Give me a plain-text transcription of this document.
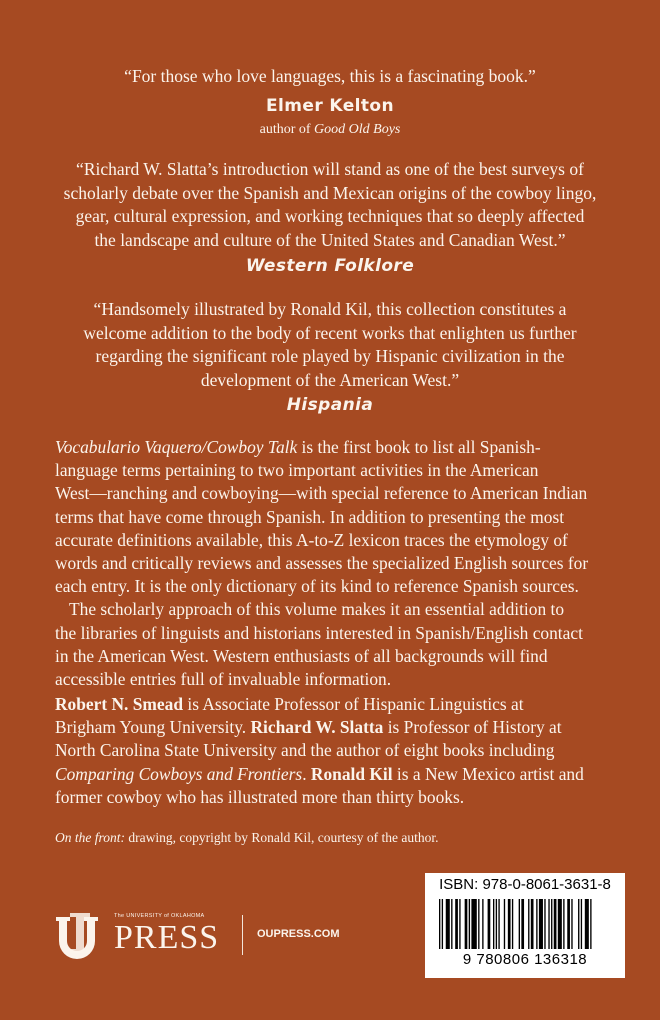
“For those who love languages, this is a fascinating book.”
Elmer Kelton
author of Good Old Boys
“Richard W. Slatta’s introduction will stand as one of the best surveys of
scholarly debate over the Spanish and Mexican origins of the cowboy lingo,
gear, cultural expression, and working techniques that so deeply affected
the landscape and culture of the United States and Canadian West.”
Western Folklore
“Handsomely illustrated by Ronald Kil, this collection constitutes a
welcome addition to the body of recent works that enlighten us further
regarding the significant role played by Hispanic civilization in the
development of the American West.”
Hispania
Vocabulario Vaquero/Cowboy Talk is the first book to list all Spanish-
language terms pertaining to two important activities in the American
West—ranching and cowboying—with special reference to American Indian
terms that have come through Spanish. In addition to presenting the most
accurate definitions available, this A-to-Z lexicon traces the etymology of
words and critically reviews and assesses the specialized English sources for
each entry. It is the only dictionary of its kind to reference Spanish sources.
The scholarly approach of this volume makes it an essential addition to
the libraries of linguists and historians interested in Spanish/English contact
in the American West. Western enthusiasts of all backgrounds will find
accessible entries full of invaluable information.
Robert N. Smead is Associate Professor of Hispanic Linguistics at
Brigham Young University. Richard W. Slatta is Professor of History at
North Carolina State University and the author of eight books including
Comparing Cowboys and Frontiers. Ronald Kil is a New Mexico artist and
former cowboy who has illustrated more than thirty books.
On the front: drawing, copyright by Ronald Kil, courtesy of the author.
The UNIVERSITY of OKLAHOMA
PRESS	OUPRESS.COM
ISBN: 978-0-8061-3631-8
9 780806 136318
